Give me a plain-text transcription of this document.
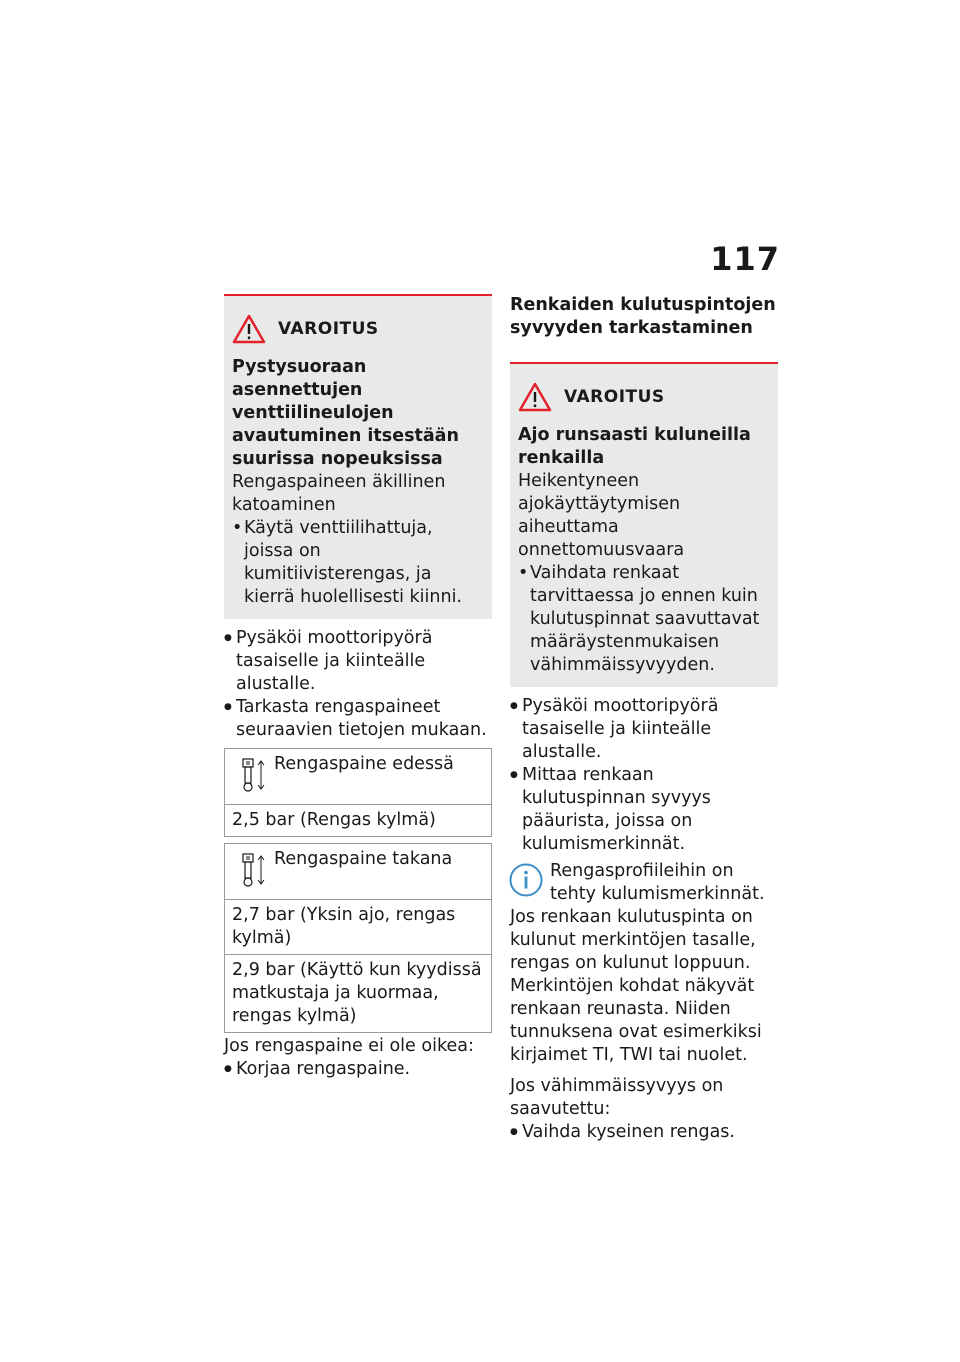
117
VAROITUS
Pystysuoraan asennettujen venttiilineulojen avautuminen itsestään suurissa nopeuksissa
Rengaspaineen äkillinen katoaminen
• Käytä venttiilihattuja, joissa on kumitiivisterengas, ja kierrä huolellisesti kiinni.
● Pysäköi moottoripyörä tasaiselle ja kiinteälle alustalle.
● Tarkasta rengaspaineet seuraavien tietojen mukaan.
Rengaspaine edessä

2,5 bar (Rengas kylmä)
Rengaspaine takana

2,7 bar (Yksin ajo, rengas kylmä)
2,9 bar (Käyttö kun kyydissä matkustaja ja kuormaa, rengas kylmä)
Jos rengaspaine ei ole oikea:
● Korjaa rengaspaine.
Renkaiden kulutuspintojen syvyyden tarkastaminen
VAROITUS
Ajo runsaasti kuluneilla renkailla
Heikentyneen ajokäyttäytymisen aiheuttama onnettomuusvaara
• Vaihdata renkaat tarvittaessa jo ennen kuin kulutuspinnat saavuttavat määräystenmukaisen vähimmäissyvyyden.
● Pysäköi moottoripyörä tasaiselle ja kiinteälle alustalle.
● Mittaa renkaan kulutuspinnan syvyys pääurista, joissa on kulumismerkinnät.
Rengasprofiileihin on tehty kulumismerkinnät. Jos renkaan kulutuspinta on kulunut merkintöjen tasalle, rengas on kulunut loppuun. Merkintöjen kohdat näkyvät renkaan reunasta. Niiden tunnuksena ovat esimerkiksi kirjaimet TI, TWI tai nuolet.
Jos vähimmäissyvyys on saavutettu:
● Vaihda kyseinen rengas.
